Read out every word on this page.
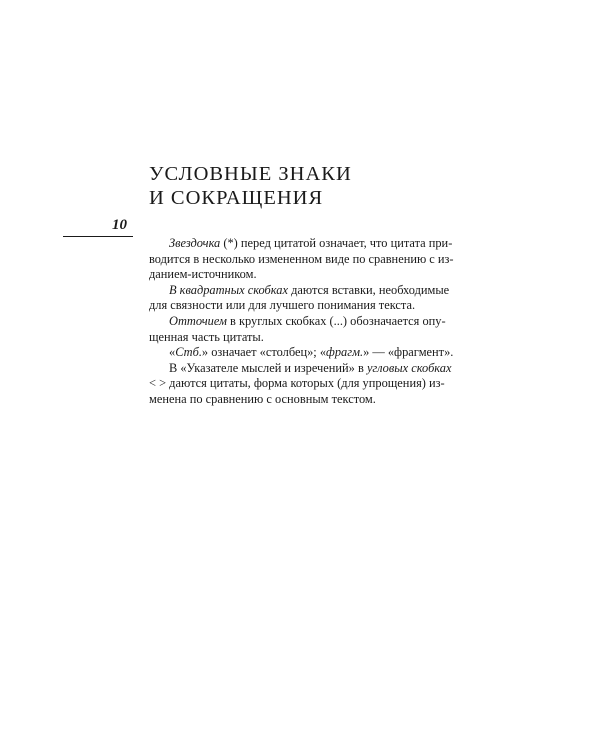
УСЛОВНЫЕ ЗНАКИ
И СОКРАЩЕНИЯ
10

Звездочка (*) перед цитатой означает, что цитата при-
водится в несколько измененном виде по сравнению с из-
данием-источником.

В квадратных скобках даются вставки, необходимые
для связности или для лучшего понимания текста.

Отточием в круглых скобках (...) обозначается опу-
щенная часть цитаты.

«Стб.» означает «столбец»; «фрагм.» — «фрагмент».

В «Указателе мыслей и изречений» в угловых скобках
< > даются цитаты, форма которых (для упрощения) из-
менена по сравнению с основным текстом.
